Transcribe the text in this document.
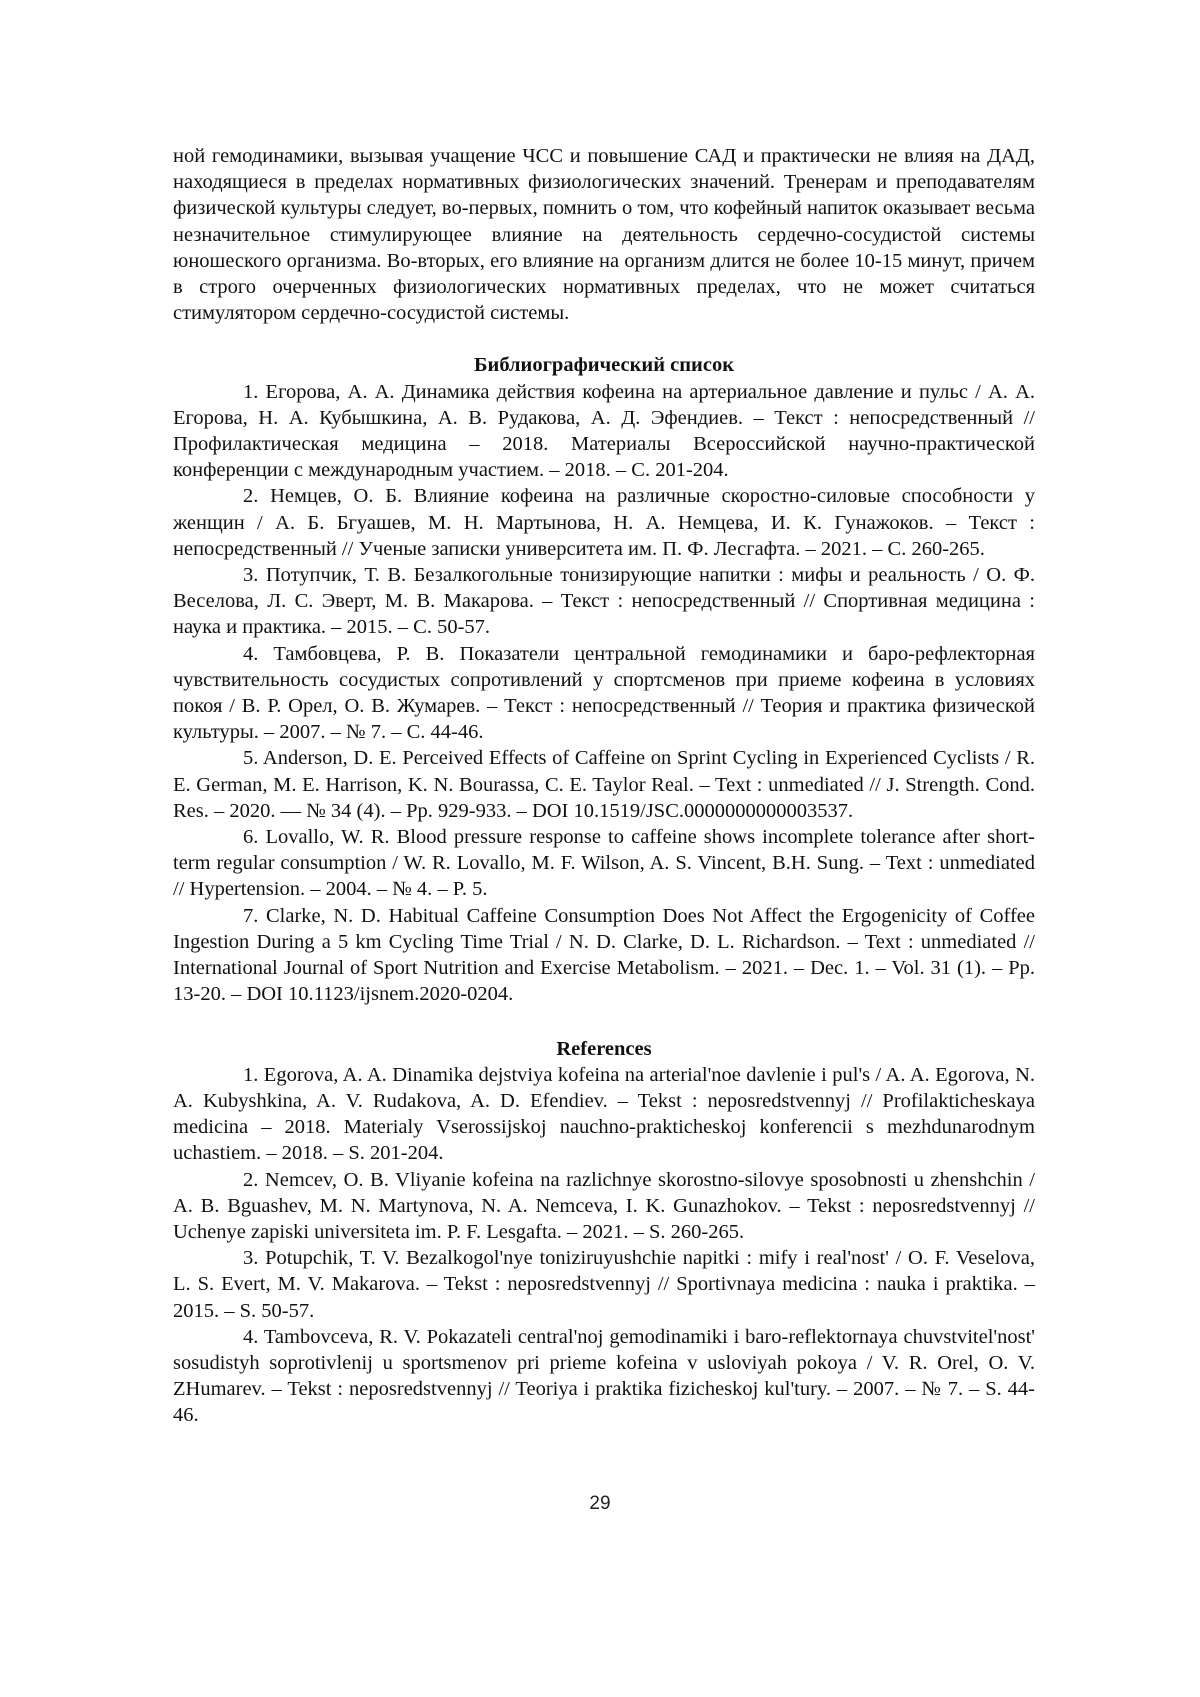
ной гемодинамики, вызывая учащение ЧСС и повышение САД и практически не влияя на ДАД, находящиеся в пределах нормативных физиологических значений. Тренерам и преподавателям физической культуры следует, во-первых, помнить о том, что кофейный напиток оказывает весьма незначительное стимулирующее влияние на деятельность сердечно-сосудистой системы юношеского организма. Во-вторых, его влияние на организм длится не более 10-15 минут, причем в строго очерченных физиологических нормативных пределах, что не может считаться стимулятором сердечно-сосудистой системы.

Библиографический список

1. Егорова, А. А. Динамика действия кофеина на артериальное давление и пульс / А. А. Егорова, Н. А. Кубышкина, А. В. Рудакова, А. Д. Эфендиев. – Текст : непосредственный // Профилактическая медицина – 2018. Материалы Всероссийской научно-практической конференции с международным участием. – 2018. – С. 201-204.

2. Немцев, О. Б. Влияние кофеина на различные скоростно-силовые способности у женщин / А. Б. Бгуашев, М. Н. Мартынова, Н. А. Немцева, И. К. Гунажоков. – Текст : непосредственный // Ученые записки университета им. П. Ф. Лесгафта. – 2021. – С. 260-265.

3. Потупчик, Т. В. Безалкогольные тонизирующие напитки : мифы и реальность / О. Ф. Веселова, Л. С. Эверт, М. В. Макарова. – Текст : непосредственный // Спортивная медицина : наука и практика. – 2015. – С. 50-57.

4. Тамбовцева, Р. В. Показатели центральной гемодинамики и баро-рефлекторная чувствительность сосудистых сопротивлений у спортсменов при приеме кофеина в условиях покоя / В. Р. Орел, О. В. Жумарев. – Текст : непосредственный // Теория и практика физической культуры. – 2007. – № 7. – С. 44-46.

5. Anderson, D. E. Perceived Effects of Caffeine on Sprint Cycling in Experienced Cyclists / R. E. German, M. E. Harrison, K. N. Bourassa, C. E. Taylor Real. – Text : unmediated // J. Strength. Cond. Res. – 2020. — № 34 (4). – Pp. 929-933. – DOI 10.1519/JSC.0000000000003537.

6. Lovallo, W. R. Blood pressure response to caffeine shows incomplete tolerance after short-term regular consumption / W. R. Lovallo, M. F. Wilson, A. S. Vincent, B.H. Sung. – Text : unmediated // Hypertension. – 2004. – № 4. – P. 5.

7. Clarke, N. D. Habitual Caffeine Consumption Does Not Affect the Ergogenicity of Coffee Ingestion During a 5 km Cycling Time Trial / N. D. Clarke, D. L. Richardson. – Text : unmediated // International Journal of Sport Nutrition and Exercise Metabolism. – 2021. – Dec. 1. – Vol. 31 (1). – Pp. 13-20. – DOI 10.1123/ijsnem.2020-0204.

References

1. Egorova, A. A. Dinamika dejstviya kofeina na arterial'noe davlenie i pul's / A. A. Egorova, N. A. Kubyshkina, A. V. Rudakova, A. D. Efendiev. – Tekst : neposredstvennyj // Profilakticheskaya medicina – 2018. Materialy Vserossijskoj nauchno-prakticheskoj konferencii s mezhdunarodnym uchastiem. – 2018. – S. 201-204.

2. Nemcev, O. B. Vliyanie kofeina na razlichnye skorostno-silovye sposobnosti u zhenshchin / A. B. Bguashev, M. N. Martynova, N. A. Nemceva, I. K. Gunazhokov. – Tekst : neposredstvennyj // Uchenye zapiski universiteta im. P. F. Lesgafta. – 2021. – S. 260-265.

3. Potupchik, T. V. Bezalkogol'nye toniziruyushchie napitki : mify i real'nost' / O. F. Veselova, L. S. Evert, M. V. Makarova. – Tekst : neposredstvennyj // Sportivnaya medicina : nauka i praktika. – 2015. – S. 50-57.

4. Tambovceva, R. V. Pokazateli central'noj gemodinamiki i baro-reflektornaya chuvstvitel'nost' sosudistyh soprotivlenij u sportsmenov pri prieme kofeina v usloviyah pokoya / V. R. Orel, O. V. ZHumarev. – Tekst : neposredstvennyj // Teoriya i praktika fizicheskoj kul'tury. – 2007. – № 7. – S. 44-46.

29
